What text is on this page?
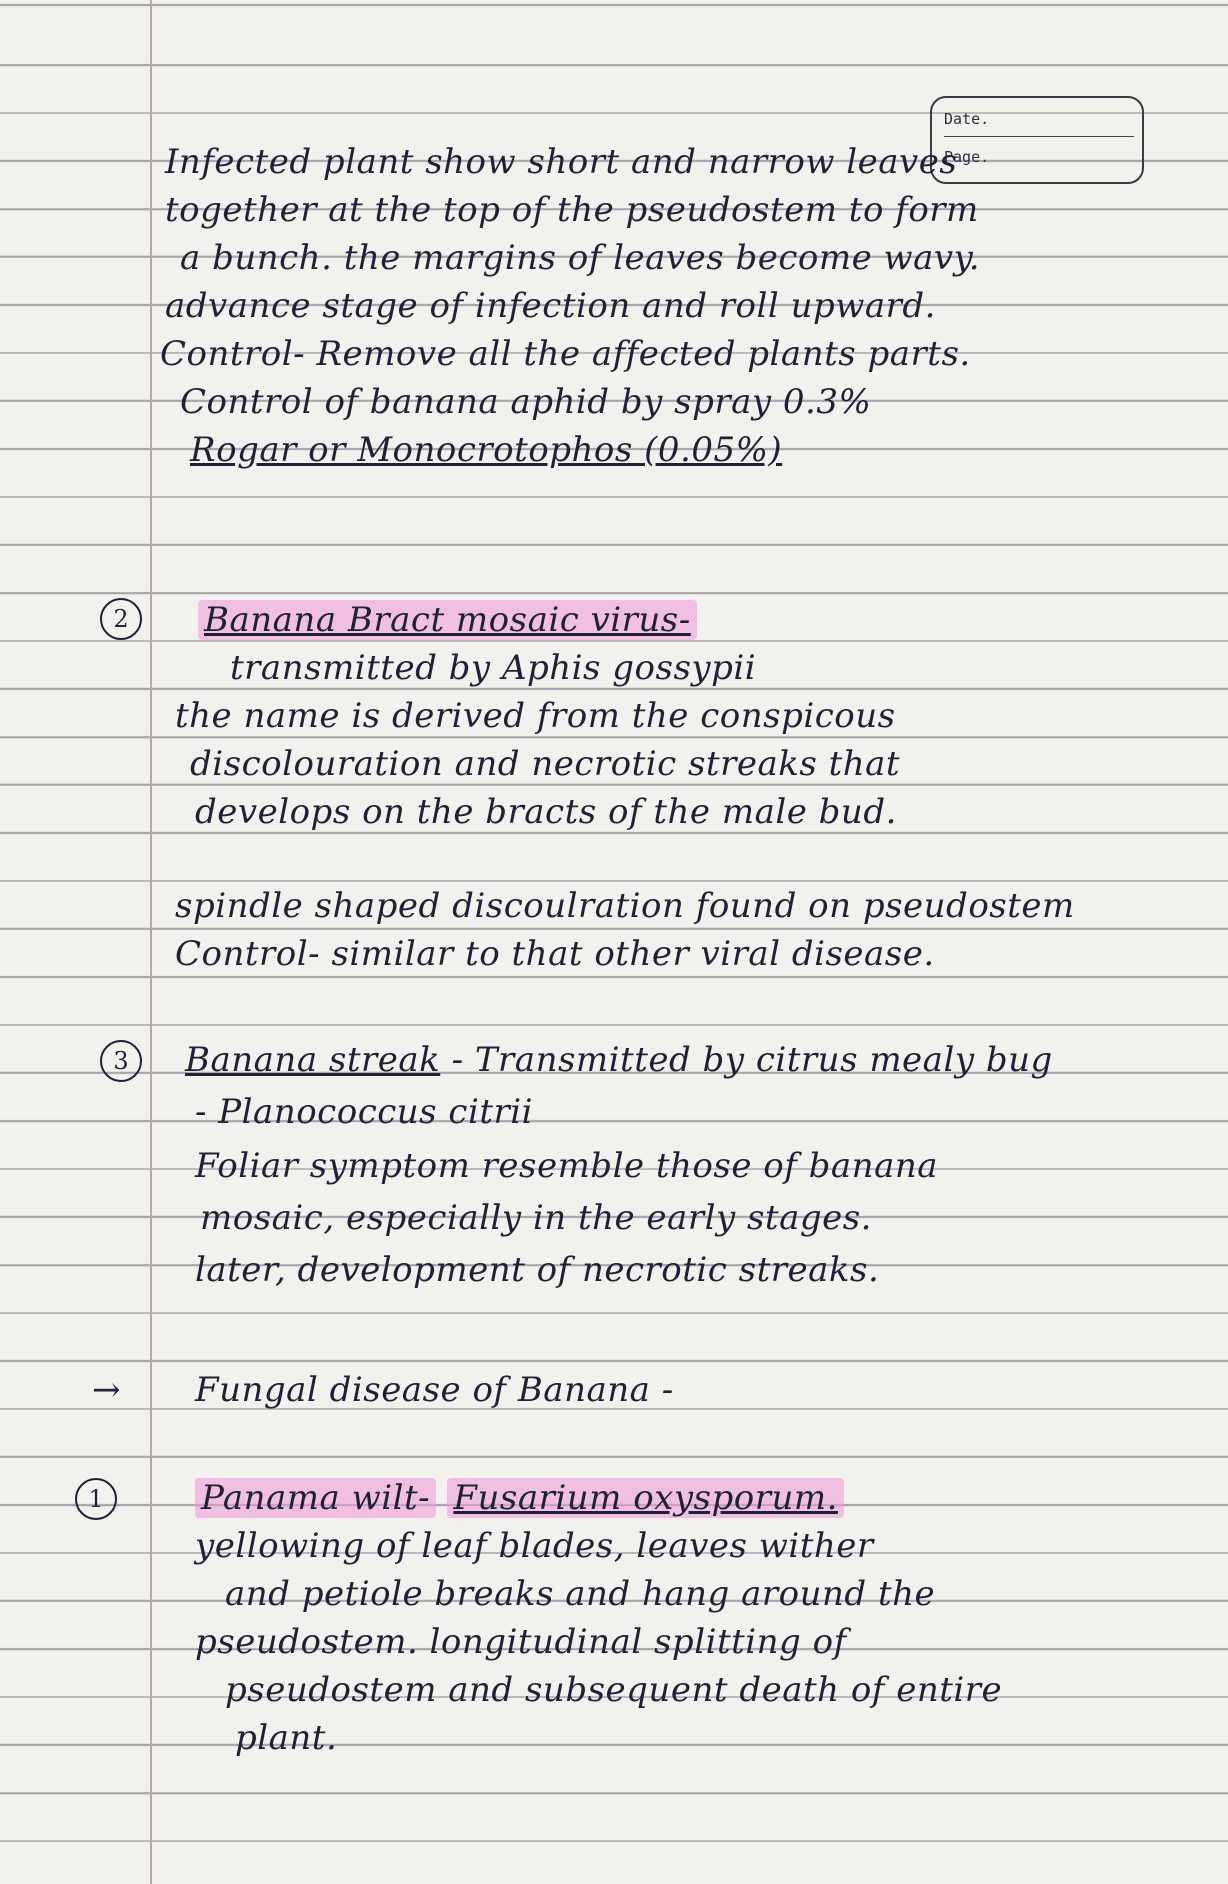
Date.
Page.
Infected plant show short and narrow leaves
together at the top of the pseudostem to form
a bunch. the margins of leaves become wavy.
advance stage of infection and roll upward.
Control- Remove all the affected plants parts.
Control of banana aphid by spray 0.3%
Rogar or Monocrotophos (0.05%)
2	Banana Bract mosaic virus-
transmitted by Aphis gossypii
the name is derived from the conspicous
discolouration and necrotic streaks that
develops on the bracts of the male bud.
spindle shaped discoulration found on pseudostem
Control- similar to that other viral disease.
3	Banana streak - Transmitted by citrus mealy bug
- Planococcus citrii
Foliar symptom resemble those of banana
mosaic, especially in the early stages.
later, development of necrotic streaks.
→ Fungal disease of Banana -
1	Panama wilt- Fusarium oxysporum.
yellowing of leaf blades, leaves wither
and petiole breaks and hang around the
pseudostem. longitudinal splitting of
pseudostem and subsequent death of entire
plant.
